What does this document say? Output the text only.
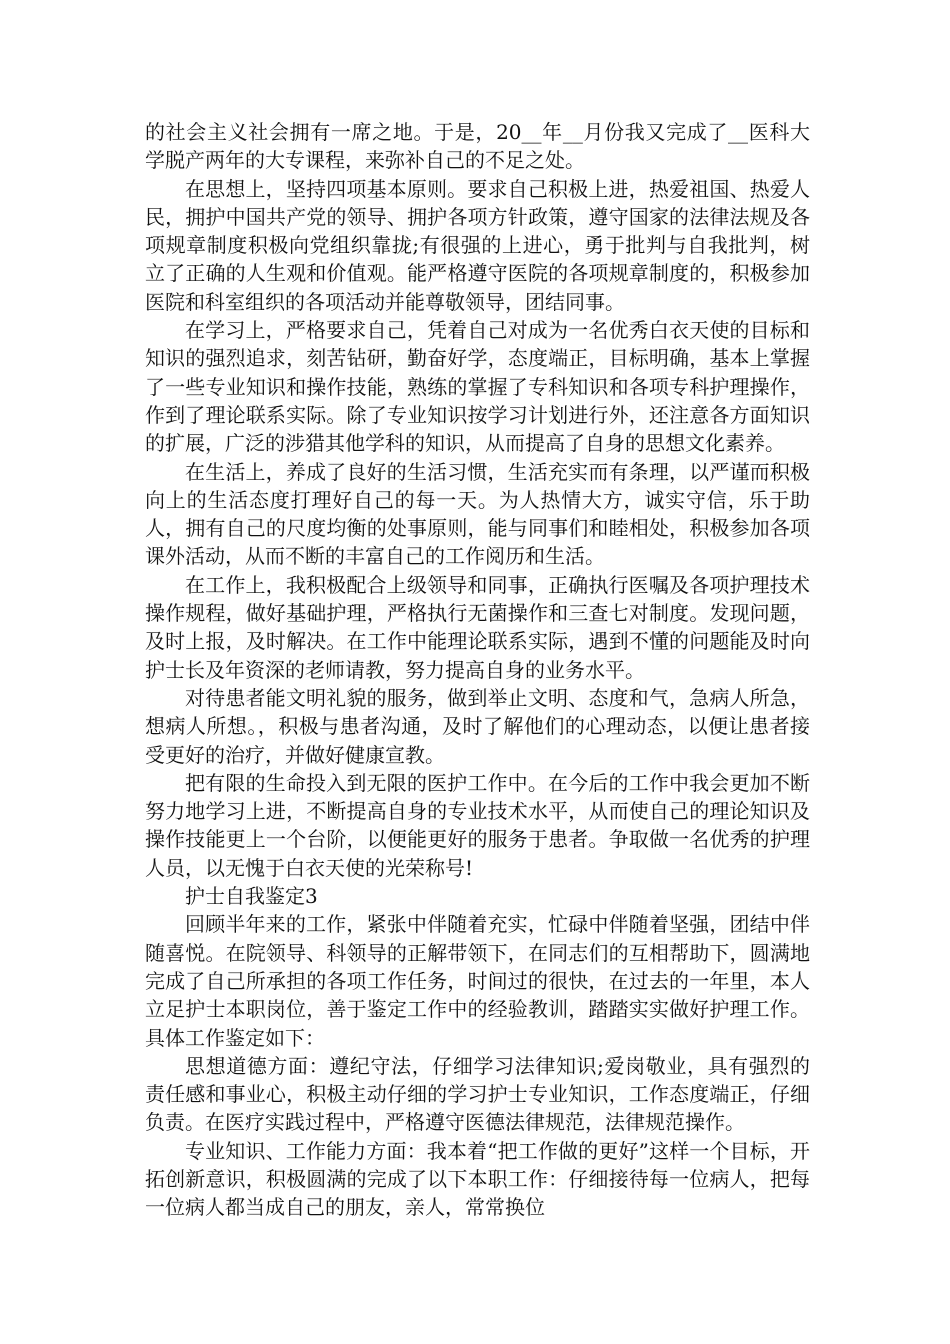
的社会主义社会拥有一席之地。于是，20__年__月份我又完成了__医科大学脱产两年的大专课程，来弥补自己的不足之处。

在思想上，坚持四项基本原则。要求自己积极上进，热爱祖国、热爱人民，拥护中国共产党的领导、拥护各项方针政策，遵守国家的法律法规及各项规章制度积极向党组织靠拢;有很强的上进心，勇于批判与自我批判，树立了正确的人生观和价值观。能严格遵守医院的各项规章制度的，积极参加医院和科室组织的各项活动并能尊敬领导，团结同事。

在学习上，严格要求自己，凭着自己对成为一名优秀白衣天使的目标和知识的强烈追求，刻苦钻研，勤奋好学，态度端正，目标明确，基本上掌握了一些专业知识和操作技能，熟练的掌握了专科知识和各项专科护理操作，作到了理论联系实际。除了专业知识按学习计划进行外，还注意各方面知识的扩展，广泛的涉猎其他学科的知识，从而提高了自身的思想文化素养。

在生活上，养成了良好的生活习惯，生活充实而有条理，以严谨而积极向上的生活态度打理好自己的每一天。为人热情大方，诚实守信，乐于助人，拥有自己的尺度均衡的处事原则，能与同事们和睦相处，积极参加各项课外活动，从而不断的丰富自己的工作阅历和生活。

在工作上，我积极配合上级领导和同事，正确执行医嘱及各项护理技术操作规程，做好基础护理，严格执行无菌操作和三查七对制度。发现问题，及时上报，及时解决。在工作中能理论联系实际，遇到不懂的问题能及时向护士长及年资深的老师请教，努力提高自身的业务水平。

对待患者能文明礼貌的服务，做到举止文明、态度和气，急病人所急，想病人所想。，积极与患者沟通，及时了解他们的心理动态，以便让患者接受更好的治疗，并做好健康宣教。

把有限的生命投入到无限的医护工作中。在今后的工作中我会更加不断努力地学习上进，不断提高自身的专业技术水平，从而使自己的理论知识及操作技能更上一个台阶，以便能更好的服务于患者。争取做一名优秀的护理人员，以无愧于白衣天使的光荣称号!

护士自我鉴定3

回顾半年来的工作，紧张中伴随着充实，忙碌中伴随着坚强，团结中伴随喜悦。在院领导、科领导的正解带领下，在同志们的互相帮助下，圆满地完成了自己所承担的各项工作任务，时间过的很快，在过去的一年里，本人立足护士本职岗位，善于鉴定工作中的经验教训，踏踏实实做好护理工作。具体工作鉴定如下：

思想道德方面：遵纪守法，仔细学习法律知识;爱岗敬业，具有强烈的责任感和事业心，积极主动仔细的学习护士专业知识，工作态度端正，仔细负责。在医疗实践过程中，严格遵守医德法律规范，法律规范操作。

专业知识、工作能力方面：我本着“把工作做的更好”这样一个目标，开拓创新意识，积极圆满的完成了以下本职工作：仔细接待每一位病人，把每一位病人都当成自己的朋友，亲人，常常换位
